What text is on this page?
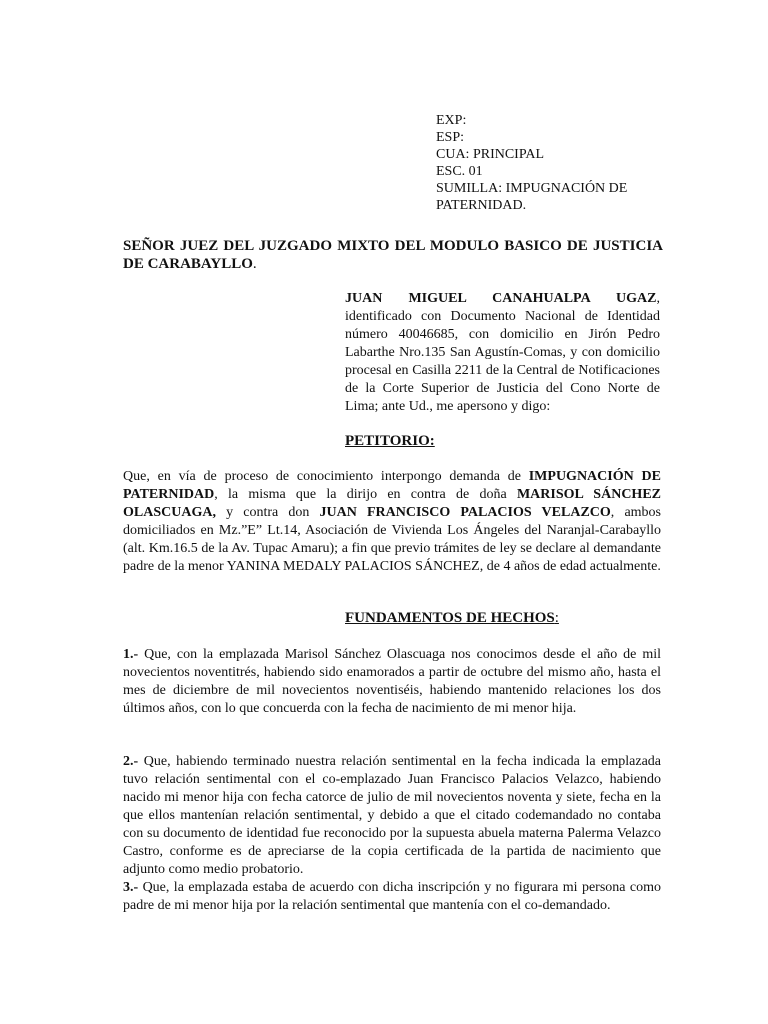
EXP:
ESP:
CUA: PRINCIPAL
ESC. 01
SUMILLA: IMPUGNACIÓN DE
PATERNIDAD.
SEÑOR JUEZ DEL JUZGADO MIXTO DEL MODULO BASICO DE JUSTICIA DE CARABAYLLO.
JUAN MIGUEL CANAHUALPA UGAZ, identificado con Documento Nacional de Identidad número 40046685, con domicilio en Jirón Pedro Labarthe Nro.135 San Agustín-Comas, y con domicilio procesal en Casilla 2211 de la Central de Notificaciones de la Corte Superior de Justicia del Cono Norte de Lima; ante Ud., me apersono y digo:
PETITORIO:
Que, en vía de proceso de conocimiento interpongo demanda de IMPUGNACIÓN DE PATERNIDAD, la misma que la dirijo en contra de doña MARISOL SÁNCHEZ OLASCUAGA, y contra don JUAN FRANCISCO PALACIOS VELAZCO, ambos domiciliados en Mz.”E” Lt.14, Asociación de Vivienda Los Ángeles del Naranjal-Carabayllo (alt. Km.16.5 de la Av. Tupac Amaru); a fin que previo trámites de ley se declare al demandante padre de la menor YANINA MEDALY PALACIOS SÁNCHEZ, de 4 años de edad actualmente.
FUNDAMENTOS DE HECHOS:
1.- Que, con la emplazada Marisol Sánchez Olascuaga nos conocimos desde el año de mil novecientos noventitrés, habiendo sido enamorados a partir de octubre del mismo año, hasta el mes de diciembre de mil novecientos noventiséis, habiendo mantenido relaciones los dos últimos años, con lo que concuerda con la fecha de nacimiento de mi menor hija.
2.- Que, habiendo terminado nuestra relación sentimental en la fecha indicada la emplazada tuvo relación sentimental con el co-emplazado Juan Francisco Palacios Velazco, habiendo nacido mi menor hija con fecha catorce de julio de mil novecientos noventa y siete, fecha en la que ellos mantenían relación sentimental, y debido a que el citado codemandado no contaba con su documento de identidad fue reconocido por la supuesta abuela materna Palerma Velazco Castro, conforme es de apreciarse de la copia certificada de la partida de nacimiento que adjunto como medio probatorio.
3.- Que, la emplazada estaba de acuerdo con dicha inscripción y no figurara mi persona como padre de mi menor hija por la relación sentimental que mantenía con el co-demandado.
